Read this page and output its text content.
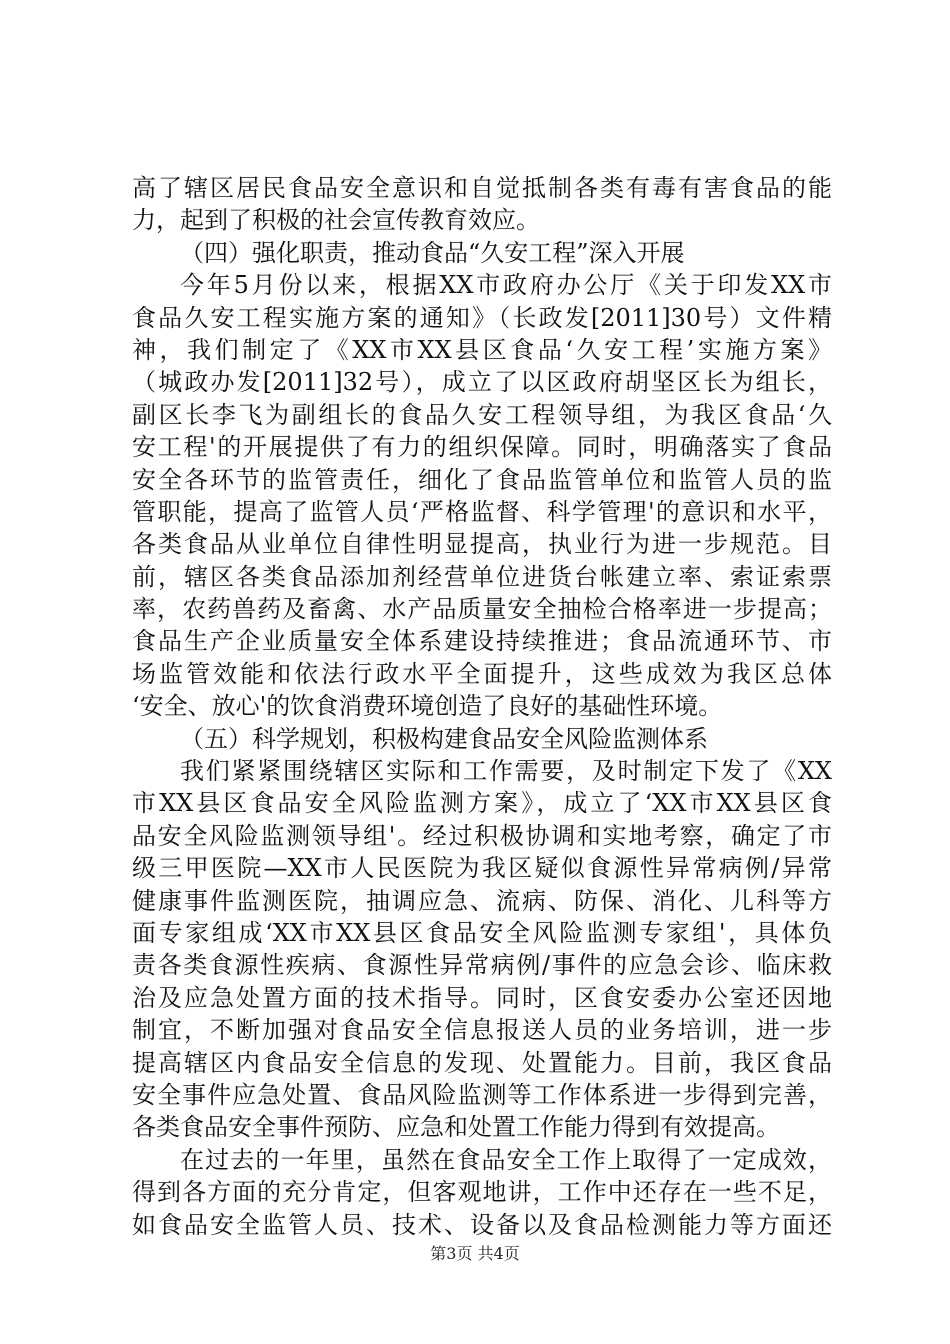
高了辖区居民食品安全意识和自觉抵制各类有毒有害食品的能
力，起到了积极的社会宣传教育效应。
（四）强化职责，推动食品“久安工程”深入开展
今年5月份以来，根据XX市政府办公厅《关于印发XX市
食品久安工程实施方案的通知》（长政发[2011]30号）文件精
神，我们制定了《XX市XX县区食品‘久安工程’实施方案》
（城政办发[2011]32号），成立了以区政府胡坚区长为组长，
副区长李飞为副组长的食品久安工程领导组，为我区食品‘久
安工程'的开展提供了有力的组织保障。同时，明确落实了食品
安全各环节的监管责任，细化了食品监管单位和监管人员的监
管职能，提高了监管人员‘严格监督、科学管理'的意识和水平，
各类食品从业单位自律性明显提高，执业行为进一步规范。目
前，辖区各类食品添加剂经营单位进货台帐建立率、索证索票
率，农药兽药及畜禽、水产品质量安全抽检合格率进一步提高；
食品生产企业质量安全体系建设持续推进；食品流通环节、市
场监管效能和依法行政水平全面提升，这些成效为我区总体
‘安全、放心'的饮食消费环境创造了良好的基础性环境。
（五）科学规划，积极构建食品安全风险监测体系
我们紧紧围绕辖区实际和工作需要，及时制定下发了《XX
市XX县区食品安全风险监测方案》，成立了‘XX市XX县区食
品安全风险监测领导组'。经过积极协调和实地考察，确定了市
级三甲医院—XX市人民医院为我区疑似食源性异常病例/异常
健康事件监测医院，抽调应急、流病、防保、消化、儿科等方
面专家组成‘XX市XX县区食品安全风险监测专家组'，具体负
责各类食源性疾病、食源性异常病例/事件的应急会诊、临床救
治及应急处置方面的技术指导。同时，区食安委办公室还因地
制宜，不断加强对食品安全信息报送人员的业务培训，进一步
提高辖区内食品安全信息的发现、处置能力。目前，我区食品
安全事件应急处置、食品风险监测等工作体系进一步得到完善，
各类食品安全事件预防、应急和处置工作能力得到有效提高。
在过去的一年里，虽然在食品安全工作上取得了一定成效，
得到各方面的充分肯定，但客观地讲，工作中还存在一些不足，
如食品安全监管人员、技术、设备以及食品检测能力等方面还
第3页 共4页
